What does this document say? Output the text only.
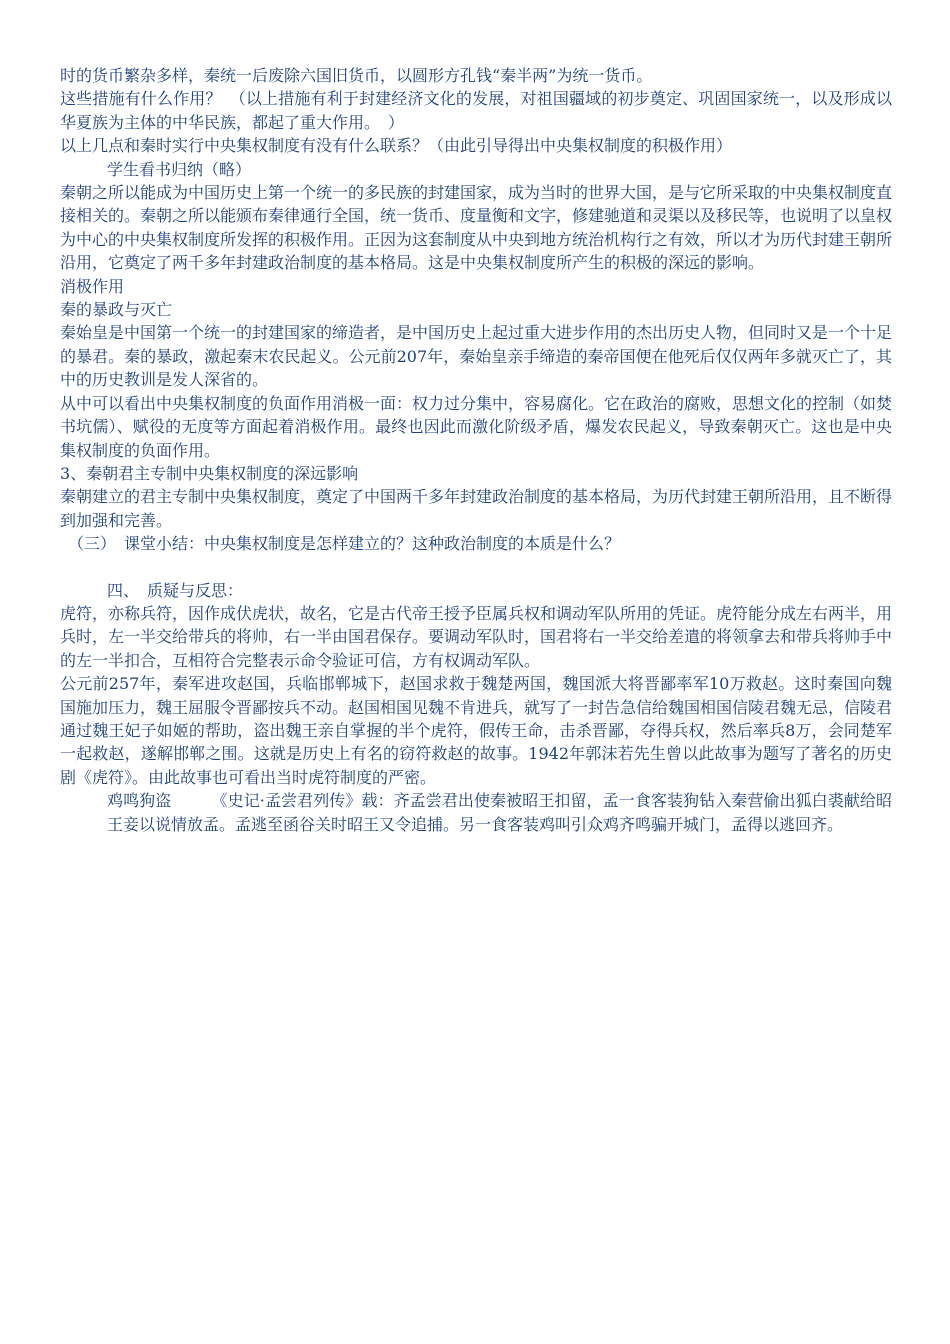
时的货币繁杂多样，秦统一后废除六国旧货币，以圆形方孔钱“秦半两”为统一货币。

这些措施有什么作用？　（以上措施有利于封建经济文化的发展，对祖国疆域的初步奠定、巩固国家统一，以及形成以华夏族为主体的中华民族，都起了重大作用。　）

以上几点和秦时实行中央集权制度有没有什么联系？（由此引导得出中央集权制度的积极作用）

学生看书归纳（略）

秦朝之所以能成为中国历史上第一个统一的多民族的封建国家，成为当时的世界大国，是与它所采取的中央集权制度直接相关的。秦朝之所以能颁布秦律通行全国，统一货币、度量衡和文字，修建驰道和灵渠以及移民等，也说明了以皇权为中心的中央集权制度所发挥的积极作用。正因为这套制度从中央到地方统治机构行之有效，所以才为历代封建王朝所沿用，它奠定了两千多年封建政治制度的基本格局。这是中央集权制度所产生的积极的深远的影响。

消极作用

秦的暴政与灭亡

秦始皇是中国第一个统一的封建国家的缔造者，是中国历史上起过重大进步作用的杰出历史人物，但同时又是一个十足的暴君。秦的暴政，激起秦末农民起义。公元前207年，秦始皇亲手缔造的秦帝国便在他死后仅仅两年多就灭亡了，其中的历史教训是发人深省的。

从中可以看出中央集权制度的负面作用消极一面：权力过分集中，容易腐化。它在政治的腐败，思想文化的控制（如焚书坑儒）、赋役的无度等方面起着消极作用。最终也因此而激化阶级矛盾，爆发农民起义，导致秦朝灭亡。这也是中央集权制度的负面作用。

3、秦朝君主专制中央集权制度的深远影响

秦朝建立的君主专制中央集权制度，奠定了中国两千多年封建政治制度的基本格局，为历代封建王朝所沿用，且不断得到加强和完善。

（三）　课堂小结：中央集权制度是怎样建立的？这种政治制度的本质是什么？

四、　质疑与反思：

虎符，亦称兵符，因作成伏虎状，故名，它是古代帝王授予臣属兵权和调动军队所用的凭证。虎符能分成左右两半，用兵时，左一半交给带兵的将帅，右一半由国君保存。要调动军队时，国君将右一半交给差遣的将领拿去和带兵将帅手中的左一半扣合，互相符合完整表示命令验证可信，方有权调动军队。

公元前257年，秦军进攻赵国，兵临邯郸城下，赵国求救于魏楚两国，魏国派大将晋鄙率军10万救赵。这时秦国向魏国施加压力，魏王屈服令晋鄙按兵不动。赵国相国见魏不肯进兵，就写了一封告急信给魏国相国信陵君魏无忌，信陵君通过魏王妃子如姬的帮助，盗出魏王亲自掌握的半个虎符，假传王命，击杀晋鄙，夺得兵权，然后率兵8万，会同楚军一起救赵，遂解邯郸之围。这就是历史上有名的窃符救赵的故事。1942年郭沫若先生曾以此故事为题写了著名的历史剧《虎符》。由此故事也可看出当时虎符制度的严密。

鸡鸣狗盗　　　《史记·孟尝君列传》载：齐孟尝君出使秦被昭王扣留，孟一食客装狗钻入秦营偷出狐白裘献给昭王妾以说情放孟。孟逃至函谷关时昭王又令追捕。另一食客装鸡叫引众鸡齐鸣骗开城门，孟得以逃回齐。
